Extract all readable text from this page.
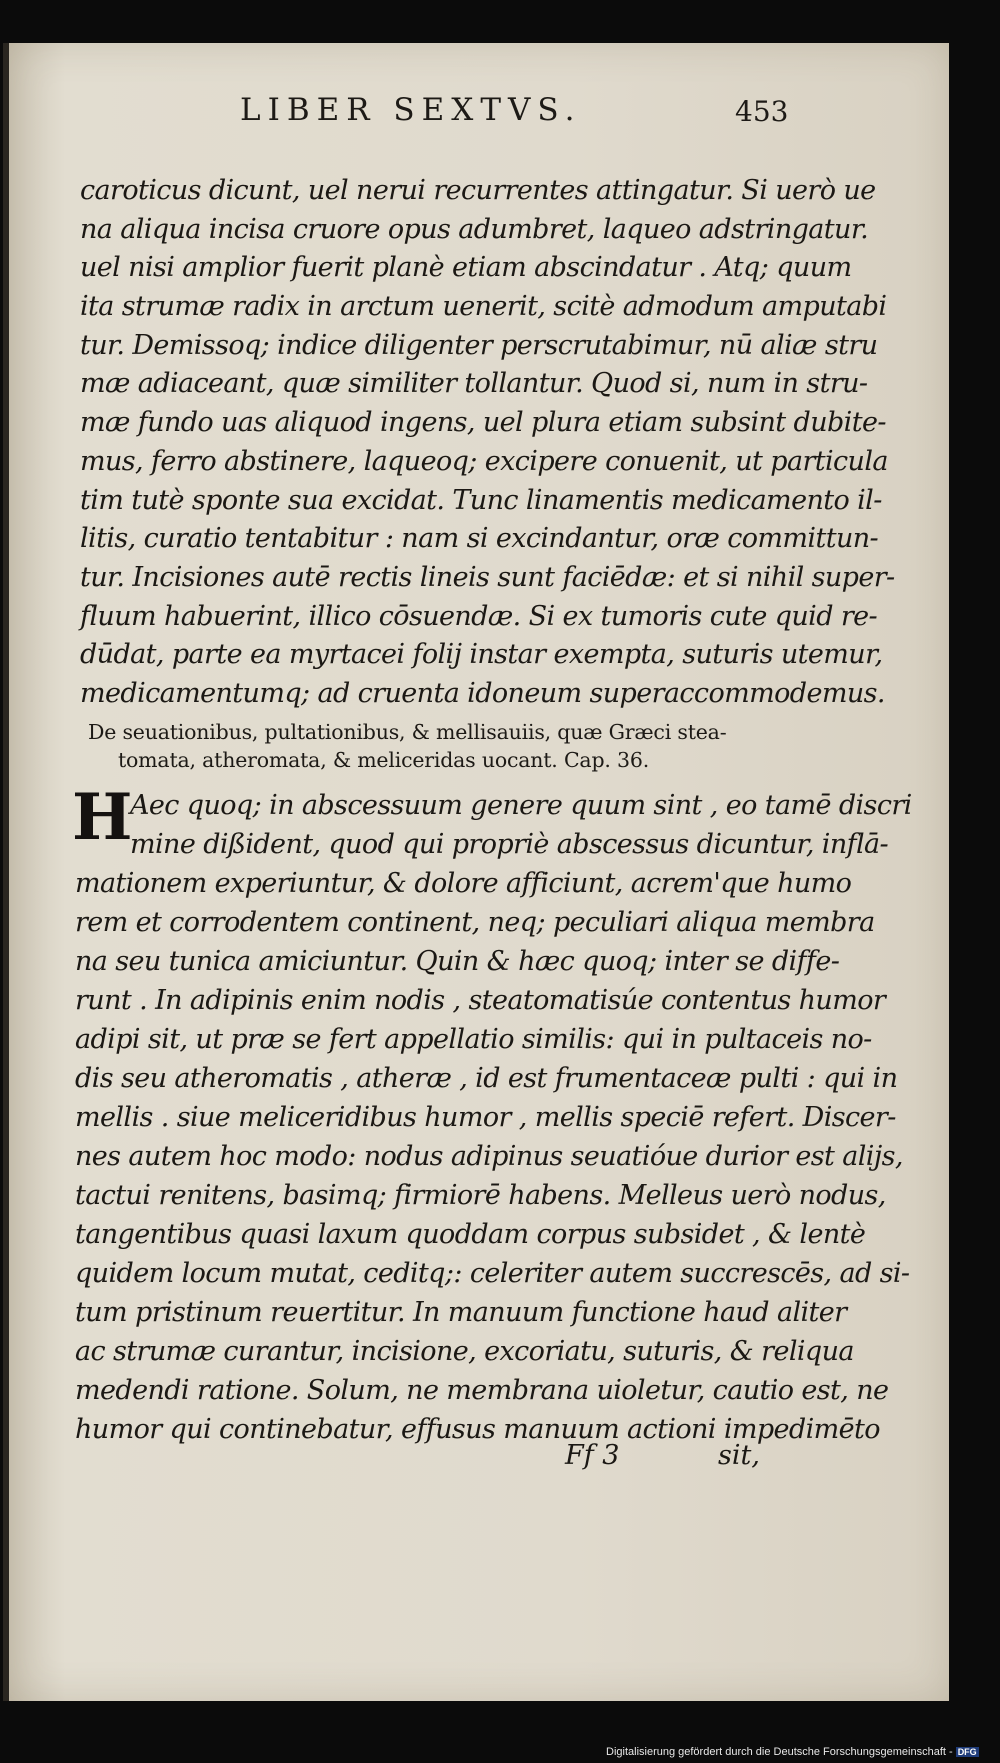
LIBER SEXTVS.	453
caroticus dicunt, uel nerui recurrentes attingatur. Si uerò ue
na aliqua incisa cruore opus adumbret, laqueo adstringatur.
uel nisi amplior fuerit planè etiam abscindatur . Atq; quum
ita strumæ radix in arctum uenerit, scitè admodum amputabi
tur. Demissoq; indice diligenter perscrutabimur, nū aliæ stru
mæ adiaceant, quæ similiter tollantur. Quod si, num in stru-
mæ fundo uas aliquod ingens, uel plura etiam subsint dubite-
mus, ferro abstinere, laqueoq; excipere conuenit, ut particula
tim tutè sponte sua excidat. Tunc linamentis medicamento il-
litis, curatio tentabitur : nam si excindantur, oræ committun-
tur. Incisiones autē rectis lineis sunt faciēdæ: et si nihil super-
fluum habuerint, illico cōsuendæ. Si ex tumoris cute quid re-
dūdat, parte ea myrtacei folij instar exempta, suturis utemur,
medicamentumq; ad cruenta idoneum superaccommodemus.
De seuationibus, pultationibus, & mellisauiis, quæ Græci stea-
tomata, atheromata, & meliceridas uocant. Cap. 36.
H
Aec quoq; in abscessuum genere quum sint , eo tamē discri
mine dißident, quod qui propriè abscessus dicuntur, inflā-
mationem experiuntur, & dolore afficiunt, acrem'que humo
rem et corrodentem continent, neq; peculiari aliqua membra
na seu tunica amiciuntur. Quin & hæc quoq; inter se diffe-
runt . In adipinis enim nodis , steatomatisúe contentus humor
adipi sit, ut præ se fert appellatio similis: qui in pultaceis no-
dis seu atheromatis , atheræ , id est frumentaceæ pulti : qui in
mellis . siue meliceridibus humor , mellis speciē refert. Discer-
nes autem hoc modo: nodus adipinus seuatióue durior est alijs,
tactui renitens, basimq; firmiorē habens. Melleus uerò nodus,
tangentibus quasi laxum quoddam corpus subsidet , & lentè
quidem locum mutat, ceditq;: celeriter autem succrescēs, ad si-
tum pristinum reuertitur. In manuum functione haud aliter
ac strumæ curantur, incisione, excoriatu, suturis, & reliqua
medendi ratione. Solum, ne membrana uioletur, cautio est, ne
humor qui continebatur, effusus manuum actioni impedimēto
Ff 3	sit,
Digitalisierung gefördert durch die Deutsche Forschungsgemeinschaft - DFG
